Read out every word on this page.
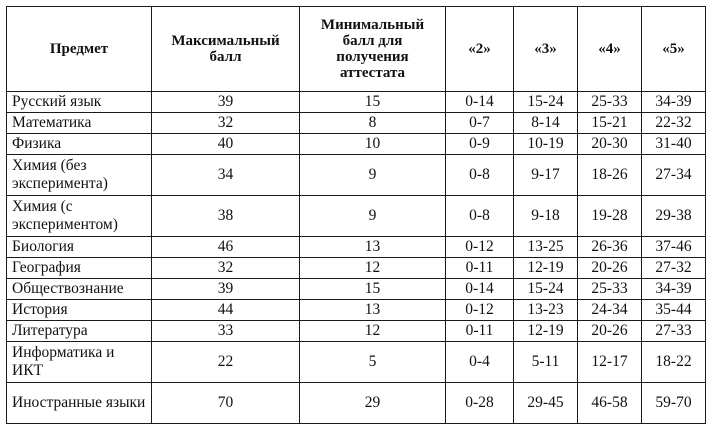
Предмет	Максимальный балл	Минимальный балл для получения аттестата	«2»	«3»	«4»	«5»
Русский язык	39	15	0-14	15-24	25-33	34-39
Математика	32	8	0-7	8-14	15-21	22-32
Физика	40	10	0-9	10-19	20-30	31-40
Химия (без эксперимента)	34	9	0-8	9-17	18-26	27-34
Химия (с экспериментом)	38	9	0-8	9-18	19-28	29-38
Биология	46	13	0-12	13-25	26-36	37-46
География	32	12	0-11	12-19	20-26	27-32
Обществознание	39	15	0-14	15-24	25-33	34-39
История	44	13	0-12	13-23	24-34	35-44
Литература	33	12	0-11	12-19	20-26	27-33
Информатика и ИКТ	22	5	0-4	5-11	12-17	18-22
Иностранные языки	70	29	0-28	29-45	46-58	59-70
